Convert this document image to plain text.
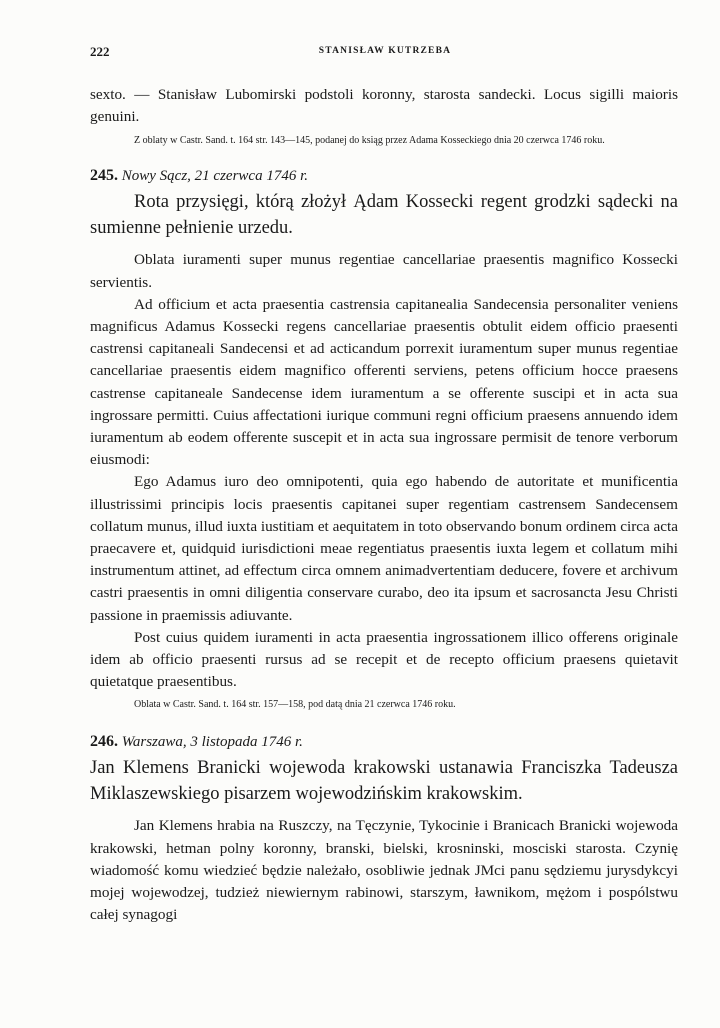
222	STANISŁAW KUTRZEBA

sexto. — Stanisław Lubomirski podstoli koronny, starosta sandecki. Locus sigilli maioris genuini.

Z oblaty w Castr. Sand. t. 164 str. 143—145, podanej do ksiąg przez Adama Kosseckiego dnia 20 czerwca 1746 roku.

245. Nowy Sącz, 21 czerwca 1746 r.

Rota przysięgi, którą złożył Ądam Kossecki regent grodzki sądecki na sumienne pełnienie urzedu.

Oblata iuramenti super munus regentiae cancellariae praesentis magnifico Kossecki servientis.

Ad officium et acta praesentia castrensia capitanealia Sandecensia personaliter veniens magnificus Adamus Kossecki regens cancellariae praesentis obtulit eidem officio praesenti castrensi capitaneali Sandecensi et ad acticandum porrexit iuramentum super munus regentiae cancellariae praesentis eidem magnifico offerenti serviens, petens officium hocce praesens castrense capitaneale Sandecense idem iuramentum a se offerente suscipi et in acta sua ingrossare permitti. Cuius affectationi iurique communi regni officium praesens annuendo idem iuramentum ab eodem offerente suscepit et in acta sua ingrossare permisit de tenore verborum eiusmodi:

Ego Adamus iuro deo omnipotenti, quia ego habendo de autoritate et munificentia illustrissimi principis locis praesentis capitanei super regentiam castrensem Sandecensem collatum munus, illud iuxta iustitiam et aequitatem in toto observando bonum ordinem circa acta praecavere et, quidquid iurisdictioni meae regentiatus praesentis iuxta legem et collatum mihi instrumentum attinet, ad effectum circa omnem animadvertentiam deducere, fovere et archivum castri praesentis in omni diligentia conservare curabo, deo ita ipsum et sacrosancta Jesu Christi passione in praemissis adiuvante.

Post cuius quidem iuramenti in acta praesentia ingrossationem illico offerens originale idem ab officio praesenti rursus ad se recepit et de recepto officium praesens quietavit quietatque praesentibus.

Oblata w Castr. Sand. t. 164 str. 157—158, pod datą dnia 21 czerwca 1746 roku.

246. Warszawa, 3 listopada 1746 r.

Jan Klemens Branicki wojewoda krakowski ustanawia Franciszka Tadeusza Miklaszewskiego pisarzem wojewodzińskim krakowskim.

Jan Klemens hrabia na Ruszczy, na Tęczynie, Tykocinie i Branicach Branicki wojewoda krakowski, hetman polny koronny, branski, bielski, krosninski, mosciski starosta. Czynię wiadomość komu wiedzieć będzie należało, osobliwie jednak JMci panu sędziemu jurysdykcyi mojej wojewodzej, tudzież niewiernym rabinowi, starszym, ławnikom, mężom i pospólstwu całej synagogi
